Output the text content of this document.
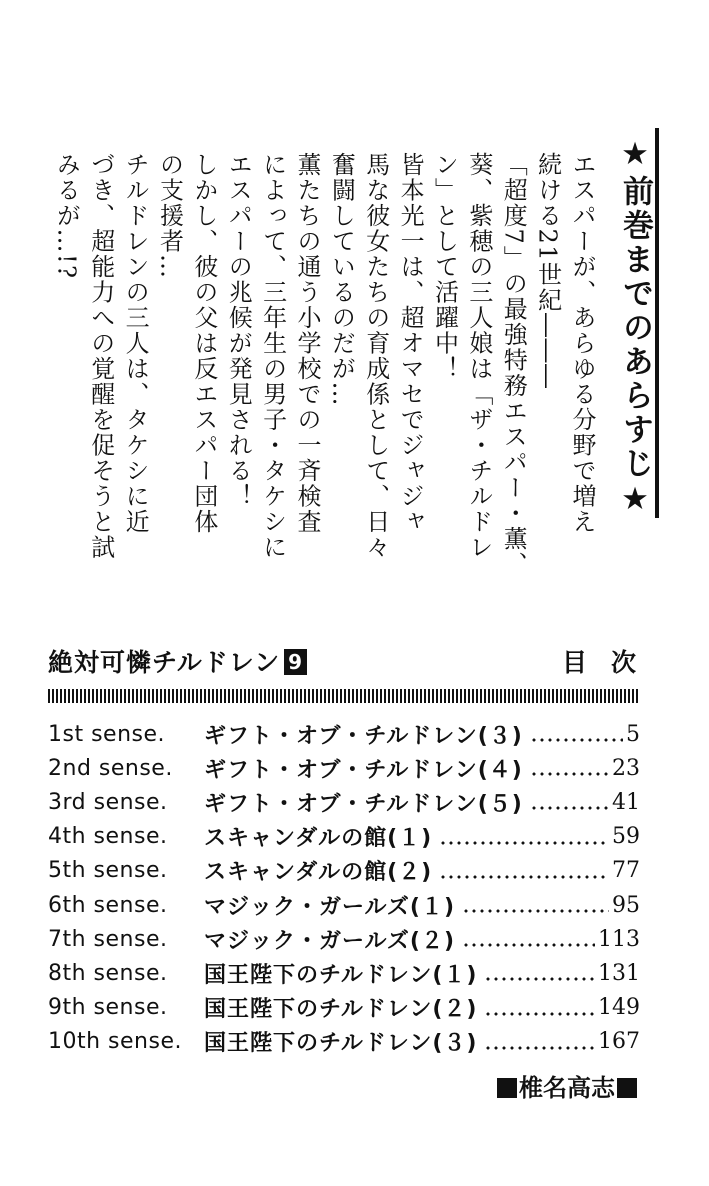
★前巻までのあらすじ★
エスパーが、あらゆる分野で増え
続ける21世紀―――
「超度7」の最強特務エスパー・薫、
葵、紫穂の三人娘は「ザ・チルドレ
ン」として活躍中！
皆本光一は、超オマセでジャジャ
馬な彼女たちの育成係として、日々
奮闘しているのだが…
薫たちの通う小学校での一斉検査
によって、三年生の男子・タケシに
エスパーの兆候が発見される！
しかし、彼の父は反エスパー団体
の支援者…
チルドレンの三人は、タケシに近
づき、超能力への覚醒を促そうと試
みるが…!?
絶対可憐チルドレン 9	目次
1st sense.	ギフト・オブ・チルドレン(３)	5
2nd sense.	ギフト・オブ・チルドレン(４)	23
3rd sense.	ギフト・オブ・チルドレン(５)	41
4th sense.	スキャンダルの館(１)	59
5th sense.	スキャンダルの館(２)	77
6th sense.	マジック・ガールズ(１)	95
7th sense.	マジック・ガールズ(２)	113
8th sense.	国王陛下のチルドレン(１)	131
9th sense.	国王陛下のチルドレン(２)	149
10th sense.	国王陛下のチルドレン(３)	167
椎名高志
